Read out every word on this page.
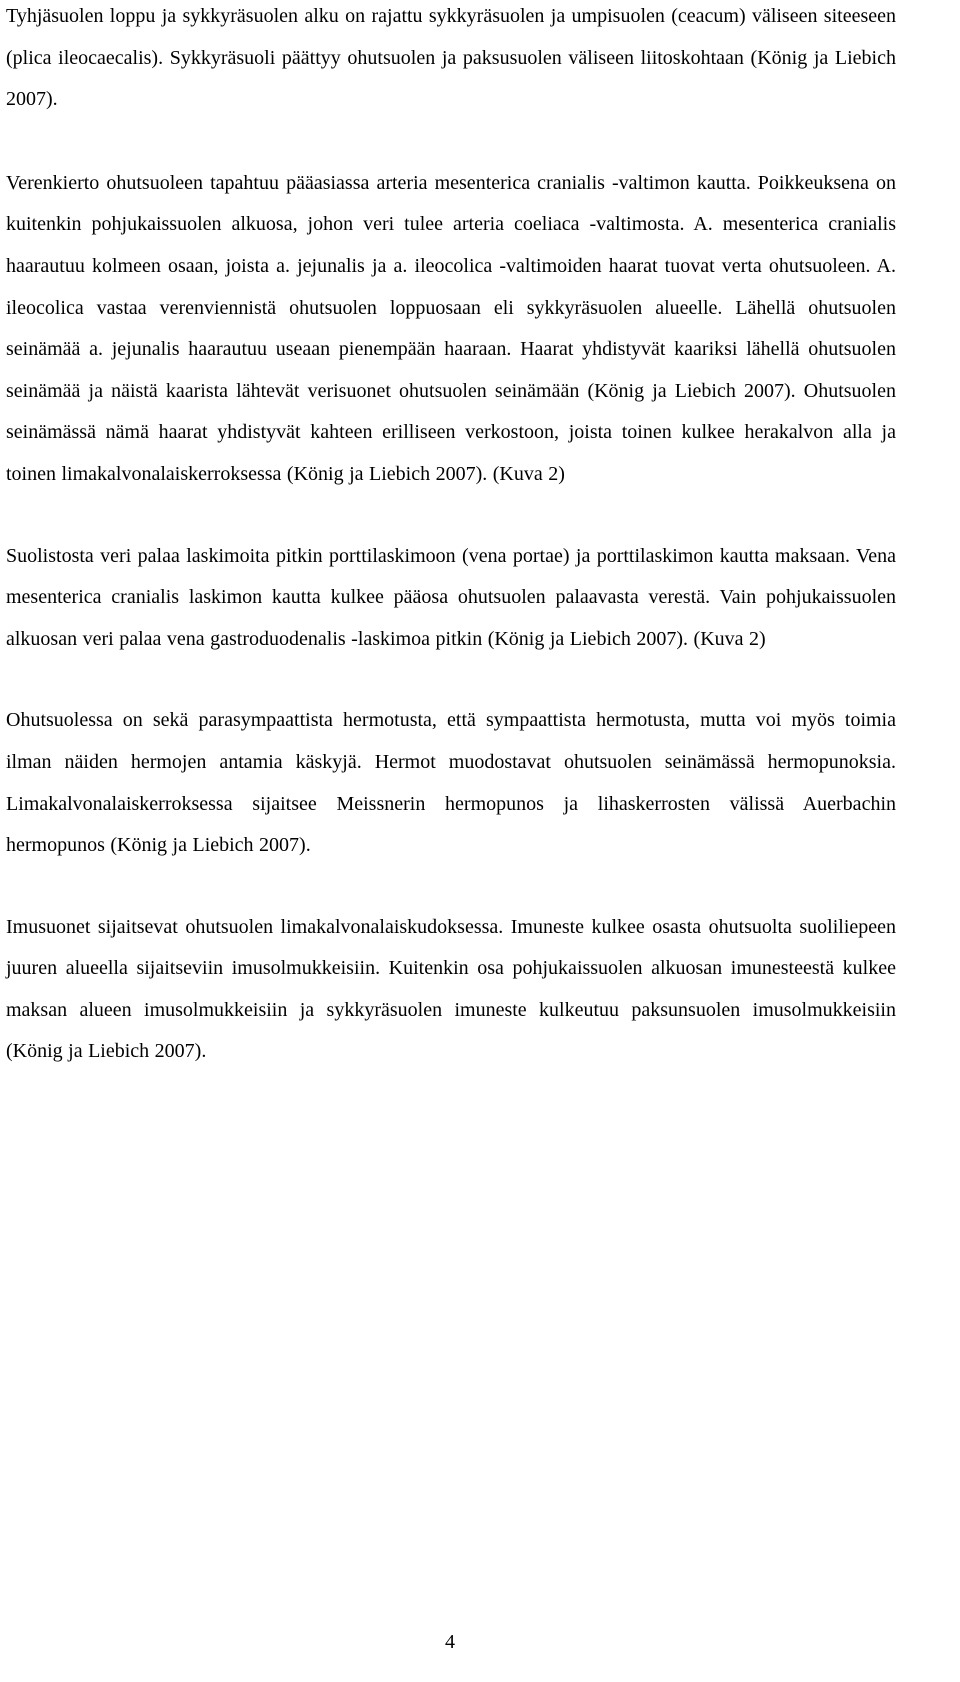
Tyhjäsuolen loppu ja sykkyräsuolen alku on rajattu sykkyräsuolen ja umpisuolen (ceacum) väliseen siteeseen (plica ileocaecalis). Sykkyräsuoli päättyy ohutsuolen ja paksusuolen väliseen liitoskohtaan (König ja Liebich 2007).

Verenkierto ohutsuoleen tapahtuu pääasiassa arteria mesenterica cranialis -valtimon kautta. Poikkeuksena on kuitenkin pohjukaissuolen alkuosa, johon veri tulee arteria coeliaca -valtimosta. A. mesenterica cranialis haarautuu kolmeen osaan, joista a. jejunalis ja a. ileocolica -valtimoiden haarat tuovat verta ohutsuoleen. A. ileocolica vastaa verenviennistä ohutsuolen loppuosaan eli sykkyräsuolen alueelle. Lähellä ohutsuolen seinämää a. jejunalis haarautuu useaan pienempään haaraan. Haarat yhdistyvät kaariksi lähellä ohutsuolen seinämää ja näistä kaarista lähtevät verisuonet ohutsuolen seinämään (König ja Liebich 2007). Ohutsuolen seinämässä nämä haarat yhdistyvät kahteen erilliseen verkostoon, joista toinen kulkee herakalvon alla ja toinen limakalvonalaiskerroksessa (König ja Liebich 2007). (Kuva 2)

Suolistosta veri palaa laskimoita pitkin porttilaskimoon (vena portae) ja porttilaskimon kautta maksaan. Vena mesenterica cranialis laskimon kautta kulkee pääosa ohutsuolen palaavasta verestä. Vain pohjukaissuolen alkuosan veri palaa vena gastroduodenalis -laskimoa pitkin (König ja Liebich 2007). (Kuva 2)

Ohutsuolessa on sekä parasympaattista hermotusta, että sympaattista hermotusta, mutta voi myös toimia ilman näiden hermojen antamia käskyjä. Hermot muodostavat ohutsuolen seinämässä hermopunoksia. Limakalvonalaiskerroksessa sijaitsee Meissnerin hermopunos ja lihaskerrosten välissä Auerbachin hermopunos (König ja Liebich 2007).

Imusuonet sijaitsevat ohutsuolen limakalvonalaiskudoksessa. Imuneste kulkee osasta ohutsuolta suoliliepeen juuren alueella sijaitseviin imusolmukkeisiin. Kuitenkin osa pohjukaissuolen alkuosan imunesteestä kulkee maksan alueen imusolmukkeisiin ja sykkyräsuolen imuneste kulkeutuu paksunsuolen imusolmukkeisiin (König ja Liebich 2007).

4
